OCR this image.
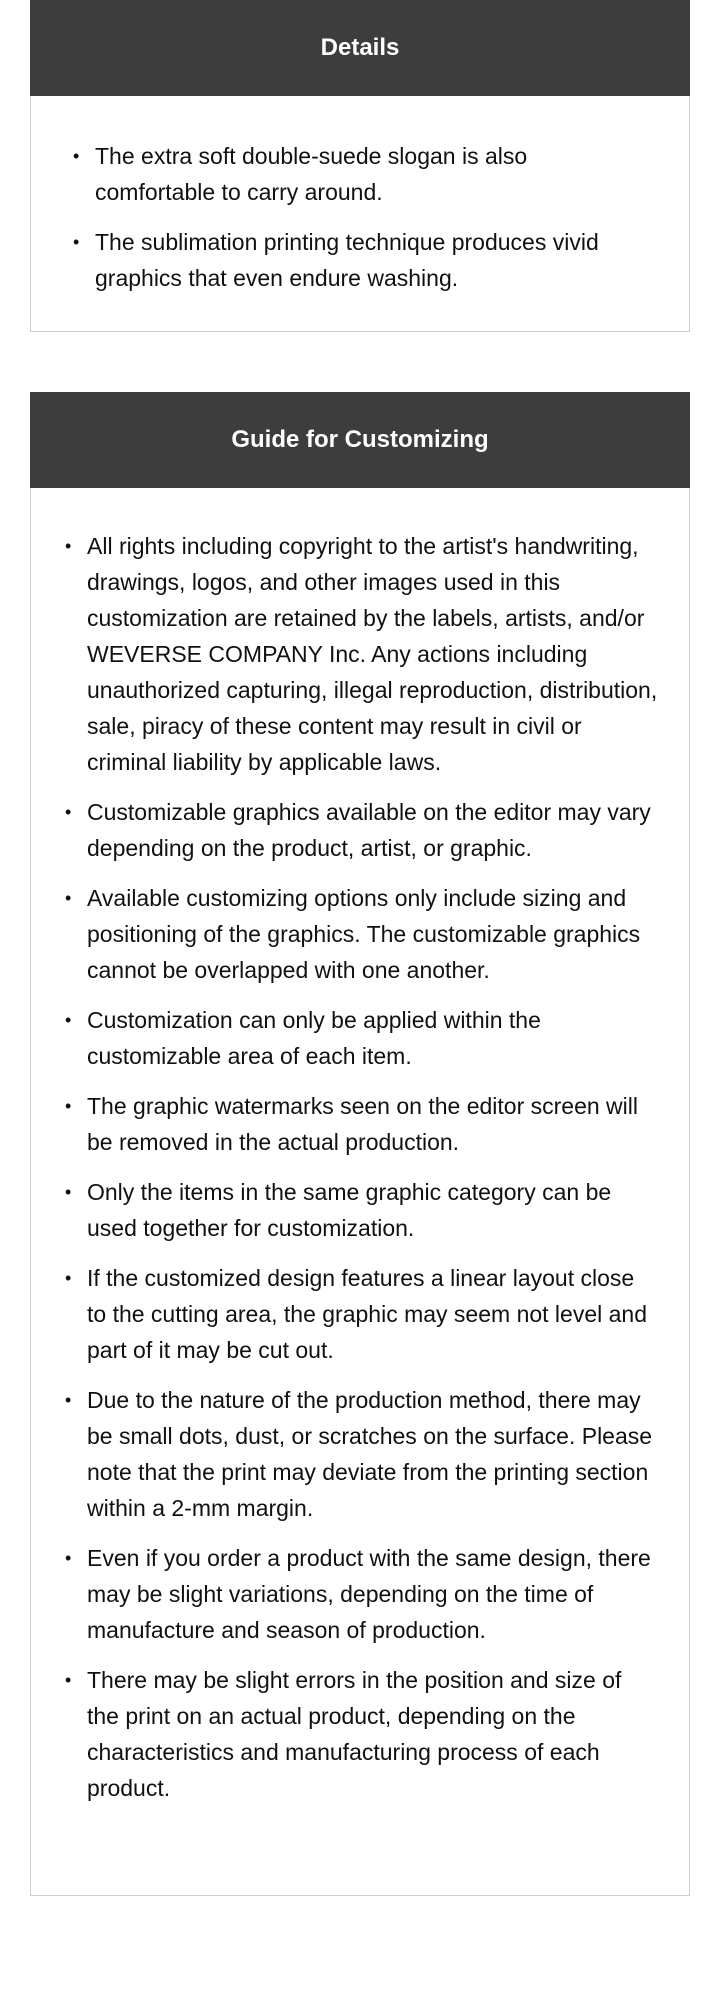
Details
• The extra soft double-suede slogan is also comfortable to carry around.
• The sublimation printing technique produces vivid graphics that even endure washing.
Guide for Customizing
• All rights including copyright to the artist's handwriting, drawings, logos, and other images used in this customization are retained by the labels, artists, and/or WEVERSE COMPANY Inc. Any actions including unauthorized capturing, illegal reproduction, distribution, sale, piracy of these content may result in civil or criminal liability by applicable laws.
• Customizable graphics available on the editor may vary depending on the product, artist, or graphic.
• Available customizing options only include sizing and positioning of the graphics. The customizable graphics cannot be overlapped with one another.
• Customization can only be applied within the customizable area of each item.
• The graphic watermarks seen on the editor screen will be removed in the actual production.
• Only the items in the same graphic category can be used together for customization.
• If the customized design features a linear layout close to the cutting area, the graphic may seem not level and part of it may be cut out.
• Due to the nature of the production method, there may be small dots, dust, or scratches on the surface. Please note that the print may deviate from the printing section within a 2-mm margin.
• Even if you order a product with the same design, there may be slight variations, depending on the time of manufacture and season of production.
• There may be slight errors in the position and size of the print on an actual product, depending on the characteristics and manufacturing process of each product.
